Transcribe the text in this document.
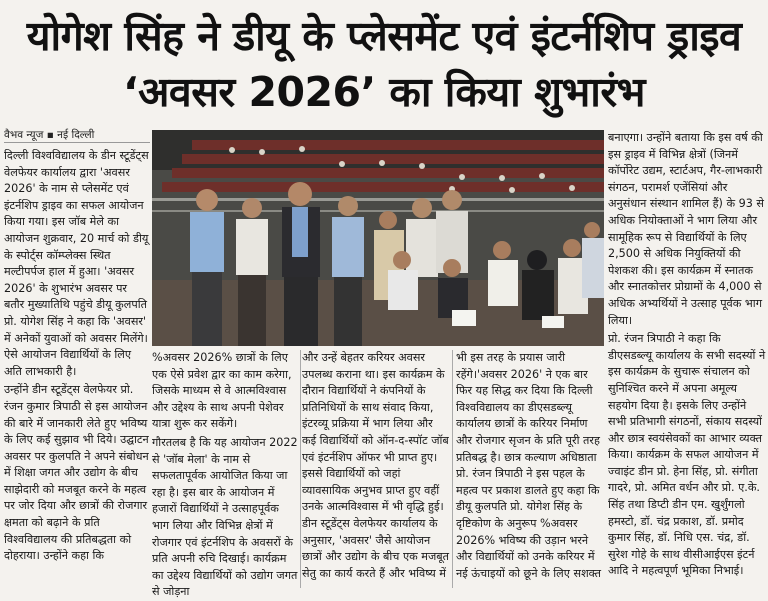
योगेश सिंह ने डीयू के प्लेसमेंट एवं इंटर्नशिप ड्राइव
‘अवसर 2026’ का किया शुभारंभ
वैभव न्यूज ▪ नई दिल्ली

दिल्ली विश्वविद्यालय के डीन स्टूडेंट्स वेलफेयर कार्यालय द्वारा 'अवसर 2026' के नाम से प्लेसमेंट एवं इंटर्नशिप ड्राइव का सफल आयोजन किया गया। इस जॉब मेले का आयोजन शुक्रवार, 20 मार्च को डीयू के स्पोर्ट्स कॉम्प्लेक्स स्थित मल्टीपर्पज हाल में हुआ। 'अवसर 2026' के शुभारंभ अवसर पर बतौर मुख्यातिथि पहुंचे डीयू कुलपति प्रो. योगेश सिंह ने कहा कि 'अवसर' में अनेकों युवाओं को अवसर मिलेंगे। ऐसे आयोजन विद्यार्थियों के लिए अति लाभकारी है।

उन्होंने डीन स्टूडेंट्स वेलफेयर प्रो. रंजन कुमार त्रिपाठी से इस आयोजन की बारे में जानकारी लेते हुए भविष्य के लिए कई सुझाव भी दिये। उद्घाटन अवसर पर कुलपति ने अपने संबोधन में शिक्षा जगत और उद्योग के बीच साझेदारी को मजबूत करने के महत्व पर जोर दिया और छात्रों की रोजगार क्षमता को बढ़ाने के प्रति विश्वविद्यालय की प्रतिबद्धता को दोहराया। उन्होंने कहा कि

%अवसर 2026% छात्रों के लिए एक ऐसे प्रवेश द्वार का काम करेगा, जिसके माध्यम से वे आत्मविश्वास और उद्देश्य के साथ अपनी पेशेवर यात्रा शुरू कर सकेंगे।

गौरतलब है कि यह आयोजन 2022 से 'जॉब मेला' के नाम से सफलतापूर्वक आयोजित किया जा रहा है। इस बार के आयोजन में हजारों विद्यार्थियों ने उत्साहपूर्वक भाग लिया और विभिन्न क्षेत्रों में रोजगार एवं इंटर्नशिप के अवसरों के प्रति अपनी रुचि दिखाई। कार्यक्रम का उद्देश्य विद्यार्थियों को उद्योग जगत से जोड़ना

और उन्हें बेहतर करियर अवसर उपलब्ध कराना था। इस कार्यक्रम के दौरान विद्यार्थियों ने कंपनियों के प्रतिनिधियों के साथ संवाद किया, इंटरव्यू प्रक्रिया में भाग लिया और कई विद्यार्थियों को ऑन-द-स्पॉट जॉब एवं इंटर्नशिप ऑफर भी प्राप्त हुए। इससे विद्यार्थियों को जहां व्यावसायिक अनुभव प्राप्त हुए वहीं उनके आत्मविश्वास में भी वृद्धि हुई। डीन स्टूडेंट्स वेलफेयर कार्यालय के अनुसार, 'अवसर' जैसे आयोजन छात्रों और उद्योग के बीच एक मजबूत सेतु का कार्य करते हैं और भविष्य में

भी इस तरह के प्रयास जारी रहेंगे।'अवसर 2026' ने एक बार फिर यह सिद्ध कर दिया कि दिल्ली विश्वविद्यालय का डीएसडब्ल्यू कार्यालय छात्रों के करियर निर्माण और रोजगार सृजन के प्रति पूरी तरह प्रतिबद्ध है। छात्र कल्याण अधिष्ठाता प्रो. रंजन त्रिपाठी ने इस पहल के महत्व पर प्रकाश डालते हुए कहा कि डीयू कुलपति प्रो. योगेश सिंह के दृष्टिकोण के अनुरूप %अवसर 2026% भविष्य की उड़ान भरने और विद्यार्थियों को उनके करियर में नई ऊंचाइयों को छूने के लिए सशक्त

बनाएगा। उन्होंने बताया कि इस वर्ष की इस ड्राइव में विभिन्न क्षेत्रों (जिनमें कॉर्पोरेट उद्यम, स्टार्टअप, गैर-लाभकारी संगठन, परामर्श एजेंसियां और अनुसंधान संस्थान शामिल हैं) के 93 से अधिक नियोक्ताओं ने भाग लिया और सामूहिक रूप से विद्यार्थियों के लिए 2,500 से अधिक नियुक्तियों की पेशकश की। इस कार्यक्रम में स्नातक और स्नातकोत्तर प्रोग्रामों के 4,000 से अधिक अभ्यर्थियों ने उत्साह पूर्वक भाग लिया।

प्रो. रंजन त्रिपाठी ने कहा कि डीएसडब्ल्यू कार्यालय के सभी सदस्यों ने इस कार्यक्रम के सुचारू संचालन को सुनिश्चित करने में अपना अमूल्य सहयोग दिया है। इसके लिए उन्होंने सभी प्रतिभागी संगठनों, संकाय सदस्यों और छात्र स्वयंसेवकों का आभार व्यक्त किया। कार्यक्रम के सफल आयोजन में ज्वाइंट डीन प्रो. हेना सिंह, प्रो. संगीता गादरे, प्रो. अमित वर्धन और प्रो. ए.के. सिंह तथा डिप्टी डीन एम. खुर्शुंगलो हमस्टो, डॉ. चंद्र प्रकाश, डॉ. प्रमोद कुमार सिंह, डॉ. निधि एस. चंद्र, डॉ. सुरेश गोहे के साथ वीसीआईएस इंटर्न आदि ने महत्वपूर्ण भूमिका निभाई।
